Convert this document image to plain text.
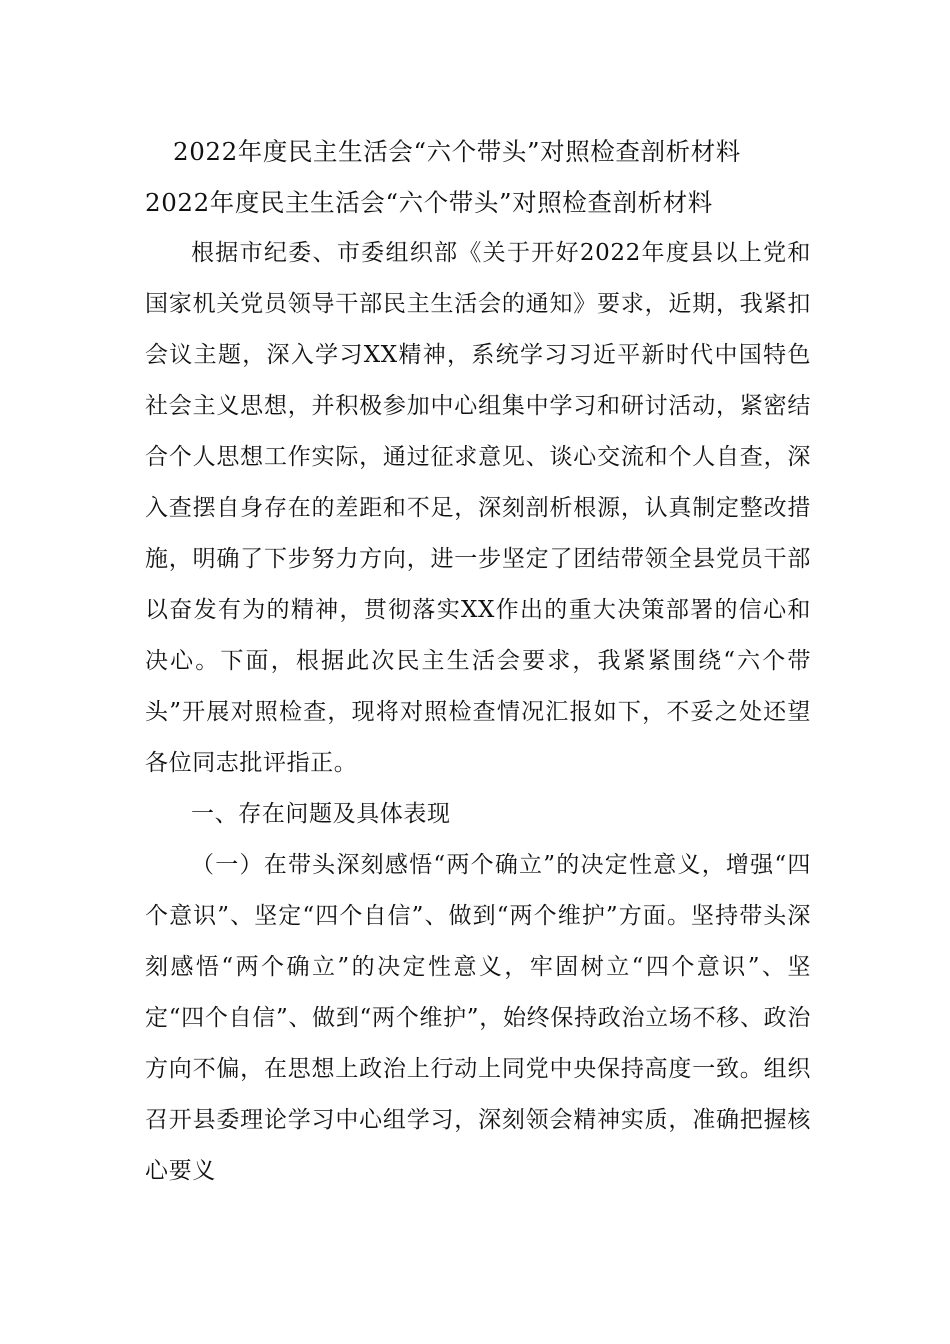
2022年度民主生活会“六个带头”对照检查剖析材料

2022年度民主生活会“六个带头”对照检查剖析材料

根据市纪委、市委组织部《关于开好2022年度县以上党和国家机关党员领导干部民主生活会的通知》要求，近期，我紧扣会议主题，深入学习XX精神，系统学习习近平新时代中国特色社会主义思想，并积极参加中心组集中学习和研讨活动，紧密结合个人思想工作实际，通过征求意见、谈心交流和个人自查，深入查摆自身存在的差距和不足，深刻剖析根源，认真制定整改措施，明确了下步努力方向，进一步坚定了团结带领全县党员干部以奋发有为的精神，贯彻落实XX作出的重大决策部署的信心和决心。下面，根据此次民主生活会要求，我紧紧围绕“六个带头”开展对照检查，现将对照检查情况汇报如下，不妥之处还望各位同志批评指正。

一、存在问题及具体表现

（一）在带头深刻感悟“两个确立”的决定性意义，增强“四个意识”、坚定“四个自信”、做到“两个维护”方面。坚持带头深刻感悟“两个确立”的决定性意义，牢固树立“四个意识”、坚定“四个自信”、做到“两个维护”，始终保持政治立场不移、政治方向不偏，在思想上政治上行动上同党中央保持高度一致。组织召开县委理论学习中心组学习，深刻领会精神实质，准确把握核心要义
